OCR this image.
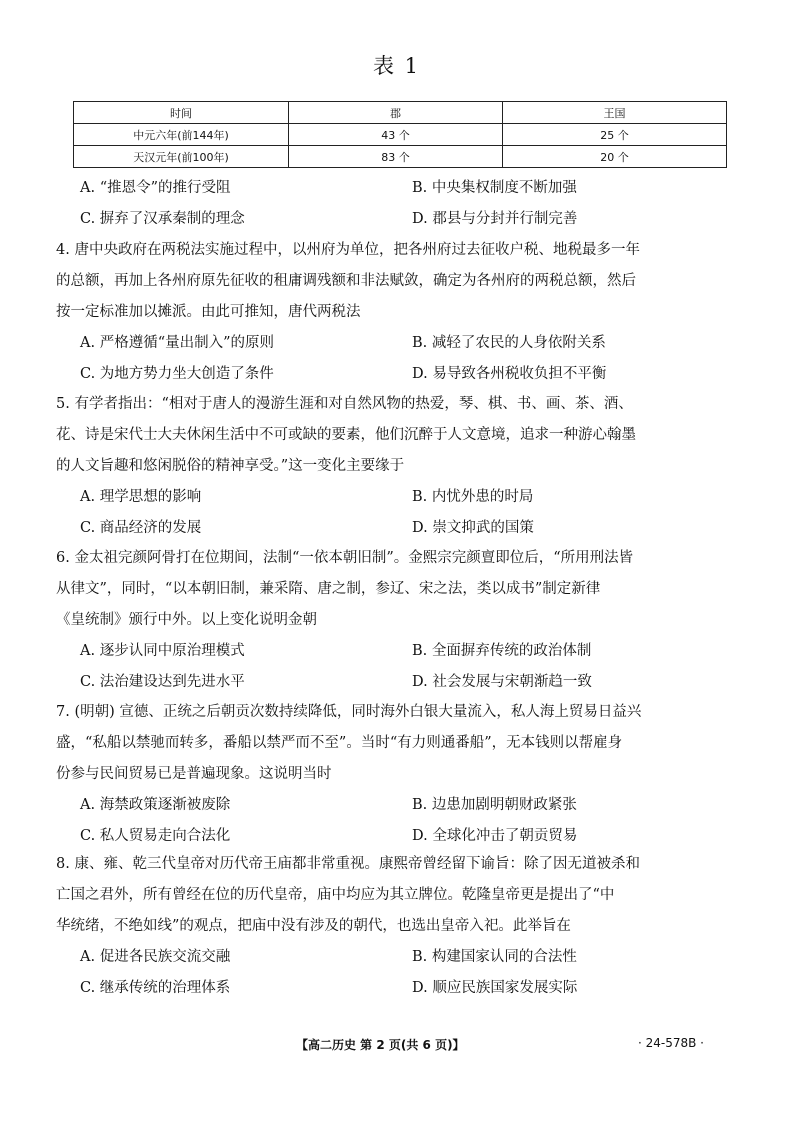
表 1
时间	郡	王国
中元六年(前144年)	43 个	25 个
天汉元年(前100年)	83 个	20 个
A. “推恩令”的推行受阻	B. 中央集权制度不断加强
C. 摒弃了汉承秦制的理念	D. 郡县与分封并行制完善
4. 唐中央政府在两税法实施过程中，以州府为单位，把各州府过去征收户税、地税最多一年
的总额，再加上各州府原先征收的租庸调残额和非法赋敛，确定为各州府的两税总额，然后
按一定标准加以摊派。由此可推知，唐代两税法
A. 严格遵循“量出制入”的原则	B. 减轻了农民的人身依附关系
C. 为地方势力坐大创造了条件	D. 易导致各州税收负担不平衡
5. 有学者指出：“相对于唐人的漫游生涯和对自然风物的热爱，琴、棋、书、画、茶、酒、
花、诗是宋代士大夫休闲生活中不可或缺的要素，他们沉醉于人文意境，追求一种游心翰墨
的人文旨趣和悠闲脱俗的精神享受。”这一变化主要缘于
A. 理学思想的影响	B. 内忧外患的时局
C. 商品经济的发展	D. 崇文抑武的国策
6. 金太祖完颜阿骨打在位期间，法制“一依本朝旧制”。金熙宗完颜亶即位后，“所用刑法皆
从律文”，同时，“以本朝旧制，兼采隋、唐之制，参辽、宋之法，类以成书”制定新律
《皇统制》颁行中外。以上变化说明金朝
A. 逐步认同中原治理模式	B. 全面摒弃传统的政治体制
C. 法治建设达到先进水平	D. 社会发展与宋朝渐趋一致
7. (明朝) 宣德、正统之后朝贡次数持续降低，同时海外白银大量流入，私人海上贸易日益兴
盛，“私船以禁驰而转多，番船以禁严而不至”。当时“有力则通番船”，无本钱则以帮雇身
份参与民间贸易已是普遍现象。这说明当时
A. 海禁政策逐渐被废除	B. 边患加剧明朝财政紧张
C. 私人贸易走向合法化	D. 全球化冲击了朝贡贸易
8. 康、雍、乾三代皇帝对历代帝王庙都非常重视。康熙帝曾经留下谕旨：除了因无道被杀和
亡国之君外，所有曾经在位的历代皇帝，庙中均应为其立牌位。乾隆皇帝更是提出了“中
华统绪，不绝如线”的观点，把庙中没有涉及的朝代，也选出皇帝入祀。此举旨在
A. 促进各民族交流交融	B. 构建国家认同的合法性
C. 继承传统的治理体系	D. 顺应民族国家发展实际
【高二历史 第 2 页(共 6 页)】	· 24-578B ·
